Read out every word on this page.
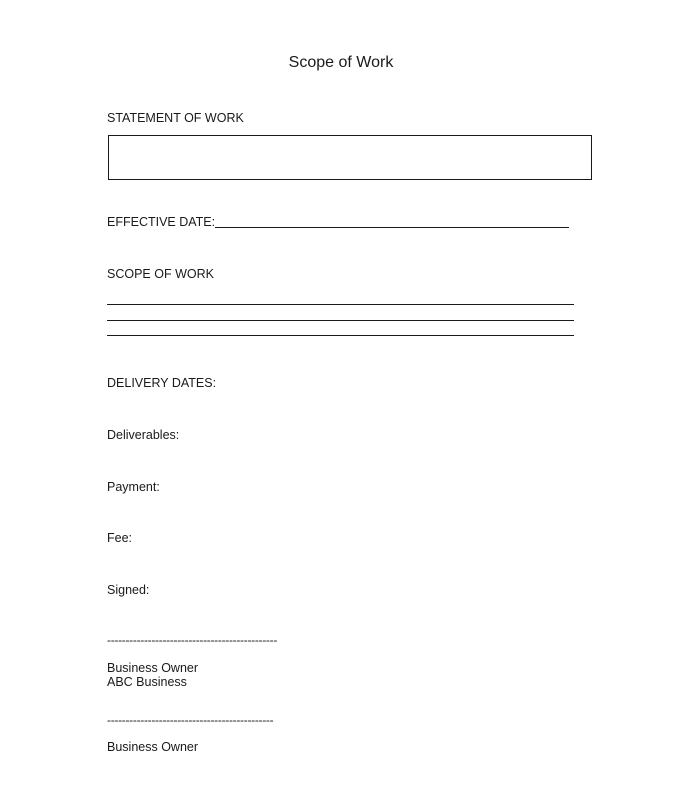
Scope of Work
STATEMENT OF WORK
EFFECTIVE DATE:
SCOPE OF WORK
DELIVERY DATES:
Deliverables:
Payment:
Fee:
Signed:
----------------------------------------------
Business Owner
ABC Business
---------------------------------------------
Business Owner
